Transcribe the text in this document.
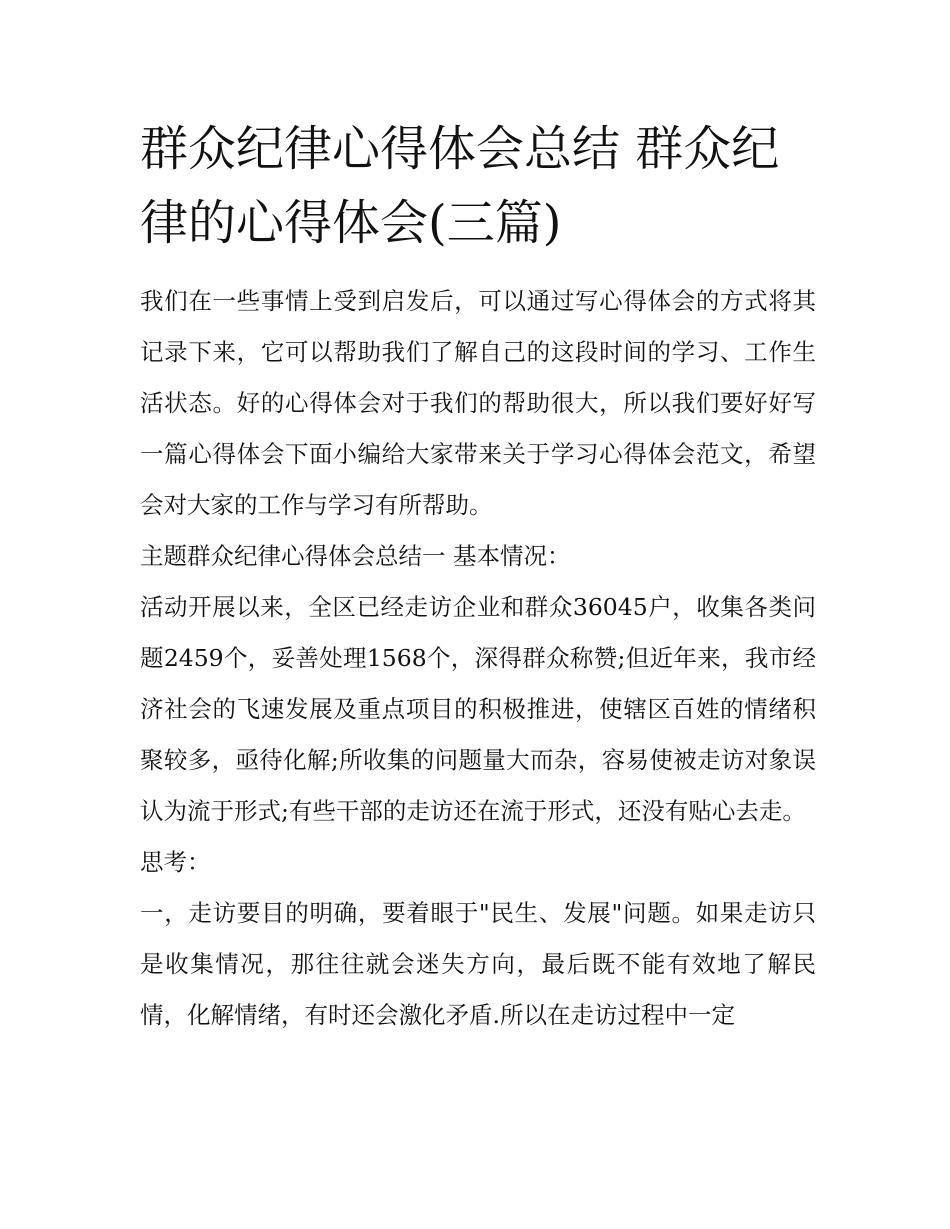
群众纪律心得体会总结 群众纪律的心得体会(三篇)

我们在一些事情上受到启发后，可以通过写心得体会的方式将其记录下来，它可以帮助我们了解自己的这段时间的学习、工作生活状态。好的心得体会对于我们的帮助很大，所以我们要好好写一篇心得体会下面小编给大家带来关于学习心得体会范文，希望会对大家的工作与学习有所帮助。

主题群众纪律心得体会总结一 基本情况：

活动开展以来，全区已经走访企业和群众36045户，收集各类问题2459个，妥善处理1568个，深得群众称赞;但近年来，我市经济社会的飞速发展及重点项目的积极推进，使辖区百姓的情绪积聚较多，亟待化解;所收集的问题量大而杂，容易使被走访对象误认为流于形式;有些干部的走访还在流于形式，还没有贴心去走。

思考：

一，走访要目的明确，要着眼于"民生、发展"问题。如果走访只是收集情况，那往往就会迷失方向，最后既不能有效地了解民情，化解情绪，有时还会激化矛盾.所以在走访过程中一定
